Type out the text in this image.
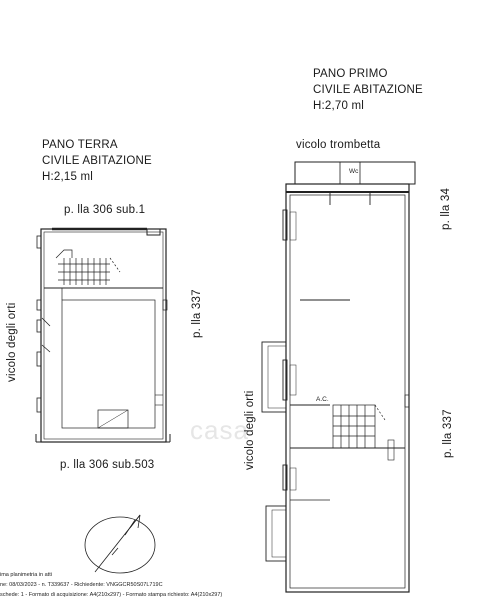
casa
PANO TERRA
CIVILE ABITAZIONE
H:2,15 ml
p. lla 306 sub.1
p. lla 337
vicolo degli orti
p. lla 306 sub.503
PANO PRIMO
CIVILE ABITAZIONE
H:2,70 ml
vicolo trombetta
p. lla 34
p. lla 337
vicolo degli orti
Wc
A.C.
ima planimetria in atti
ne: 08/03/2023 - n. T339637 - Richiedente: VNGGCR50S07L719C
schede: 1 - Formato di acquisizione: A4(210x297) - Formato stampa richiesto: A4(210x297)
